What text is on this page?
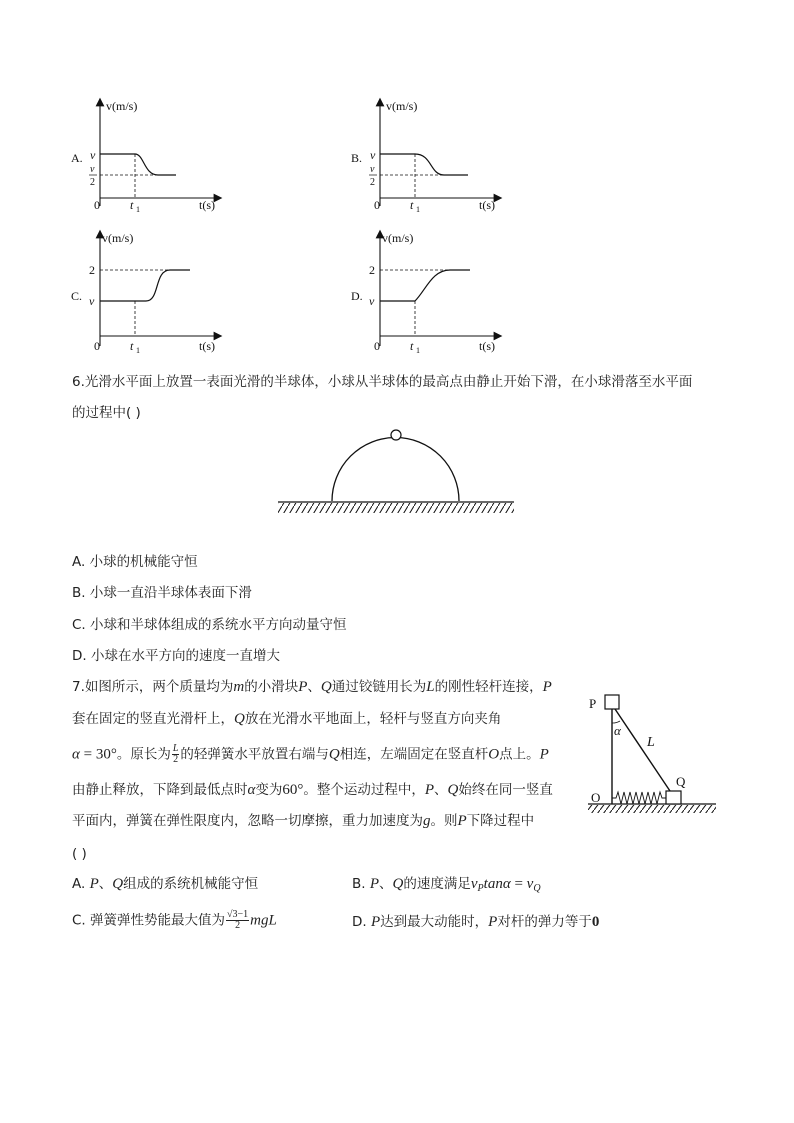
v(m/s)
A. v
v
2
0	t 1	t(s)
v(m/s)
B. v
v
2
0	t 1	t(s)
v(m/s)
C.
2
v
0	t 1	t(s)
v(m/s)
D.
2
v
0	t 1	t(s)
6.光滑水平面上放置一表面光滑的半球体，小球从半球体的最高点由静止开始下滑，在小球滑落至水平面
的过程中( )
A. 小球的机械能守恒
B. 小球一直沿半球体表面下滑
C. 小球和半球体组成的系统水平方向动量守恒
D. 小球在水平方向的速度一直增大
7.如图所示，两个质量均为m的小滑块P、Q通过铰链用长为L的刚性轻杆连接，P
套在固定的竖直光滑杆上，Q放在光滑水平地面上，轻杆与竖直方向夹角
α = 30°。原长为 $\frac{L}{2}$ 的轻弹簧水平放置右端与Q相连，左端固定在竖直杆O点上。P
由静止释放，下降到最低点时α变为60°。整个运动过程中，P、Q始终在同一竖直
平面内，弹簧在弹性限度内，忽略一切摩擦，重力加速度为g。则P下降过程中
( )
A. P、Q组成的系统机械能守恒	B. P、Q的速度满足$v_P\tan\alpha = v_Q$
C. 弹簧弹性势能最大值为 $\frac{√3-1}{2}$ mgL	D. P达到最大动能时，P对杆的弹力等于0
P
Q
O
L
α
